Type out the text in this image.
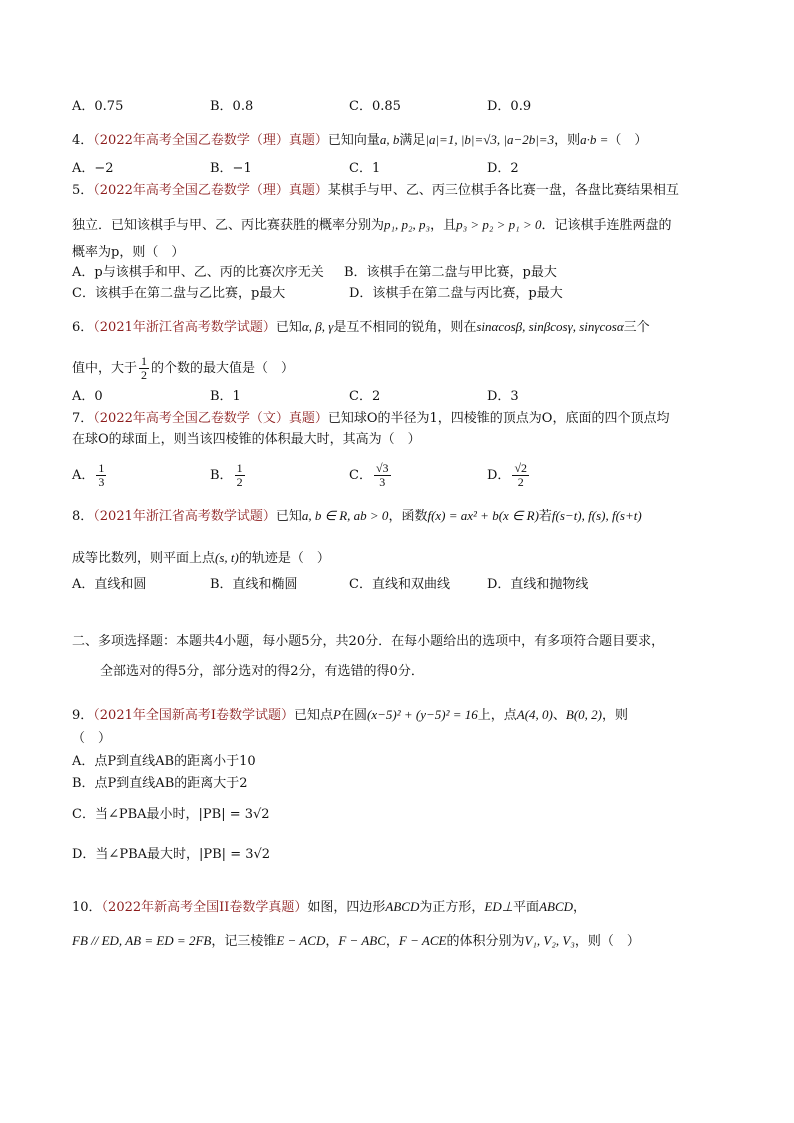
A．0.75	B．0.8	C．0.85	D．0.9
4．（2022年高考全国乙卷数学（理）真题）已知向量a, b满足|a|=1, |b|=√3, |a−2b|=3，则a·b =（　）
A．−2	B．−1	C．1	D．2
5．（2022年高考全国乙卷数学（理）真题）某棋手与甲、乙、丙三位棋手各比赛一盘，各盘比赛结果相互
独立．已知该棋手与甲、乙、丙比赛获胜的概率分别为p₁, p₂, p₃，且p₃ > p₂ > p₁ > 0．记该棋手连胜两盘的
概率为p，则（　）
A．p与该棋手和甲、乙、丙的比赛次序无关 B．该棋手在第二盘与甲比赛，p最大
C．该棋手在第二盘与乙比赛，p最大	D．该棋手在第二盘与丙比赛，p最大
6．（2021年浙江省高考数学试题）已知α, β, γ是互不相同的锐角，则在sinαcosβ, sinβcosγ, sinγcosα三个
值中，大于 $\frac{1}{2}$ 的个数的最大值是（　）
A．0	B．1	C．2	D．3
7．（2022年高考全国乙卷数学（文）真题）已知球O的半径为1，四棱锥的顶点为O，底面的四个顶点均
在球O的球面上，则当该四棱锥的体积最大时，其高为（　）
A． $\frac{1}{3}$	B． $\frac{1}{2}$	C． $\frac{√3}{3}$	D． $\frac{√2}{2}$
8．（2021年浙江省高考数学试题）已知a, b ∈ R, ab > 0，函数f(x) = ax² + b(x ∈ R)若f(s−t), f(s), f(s+t)
成等比数列，则平面上点(s, t)的轨迹是（　）
A．直线和圆	B．直线和椭圆	C．直线和双曲线	D．直线和抛物线
二、多项选择题：本题共4小题，每小题5分，共20分．在每小题给出的选项中，有多项符合题目要求，
全部选对的得5分，部分选对的得2分，有选错的得0分．
9．（2021年全国新高考I卷数学试题）已知点P在圆(x−5)² + (y−5)² = 16上，点A(4, 0)、B(0, 2)，则
（　）
A．点P到直线AB的距离小于10
B．点P到直线AB的距离大于2
C．当∠PBA最小时，|PB| = 3√2
D．当∠PBA最大时，|PB| = 3√2
10．（2022年新高考全国II卷数学真题）如图，四边形ABCD为正方形，ED⊥平面ABCD，
FB // ED, AB = ED = 2FB，记三棱锥E − ACD，F − ABC，F − ACE的体积分别为V₁, V₂, V₃，则（　）
